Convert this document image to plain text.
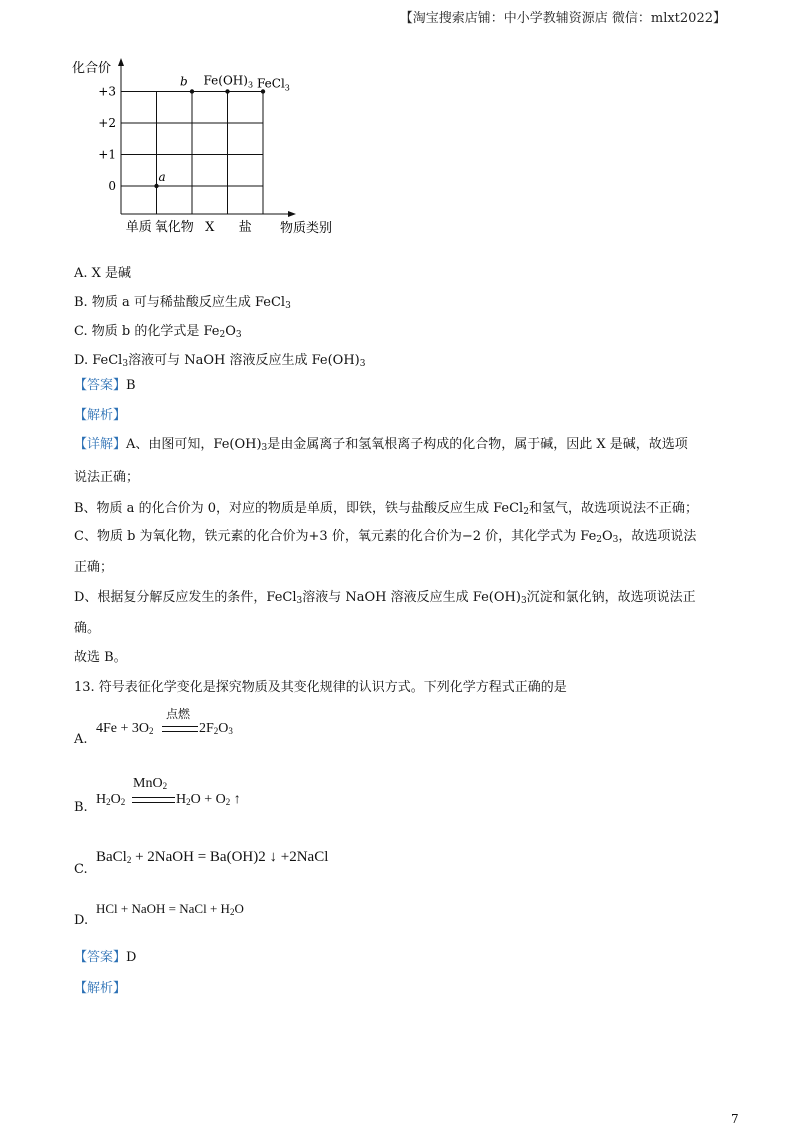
【淘宝搜索店铺：中小学教辅资源店 微信：mlxt2022】
化合价
物质类别
+3
+2
+1
0
单质 氧化物 X 盐
a
b $Fe(OH)_3$ FeCl$_3$
A. X 是碱
B. 物质 a 可与稀盐酸反应生成 FeCl$_3$
C. 物质 b 的化学式是 $Fe_2O_3$
D. FeCl$_3$溶液可与 NaOH 溶液反应生成 $Fe(OH)_3$
【答案】B
【解析】
【详解】A、由图可知，$Fe(OH)_3$是由金属离子和氢氧根离子构成的化合物，属于碱，因此 X 是碱，故选项
说法正确；
B、物质 a 的化合价为 0，对应的物质是单质，即铁，铁与盐酸反应生成 FeCl$_2$和氢气，故选项说法不正确；
C、物质 b 为氧化物，铁元素的化合价为+3 价，氧元素的化合价为−2 价，其化学式为 $Fe_2O_3$，故选项说法
正确；
D、根据复分解反应发生的条件，FeCl$_3$溶液与 NaOH 溶液反应生成 $Fe(OH)_3$沉淀和氯化钠，故选项说法正
确。
故选 B。
13. 符号表征化学变化是探究物质及其变化规律的认识方式。下列化学方程式正确的是
A.
$4Fe + 3O_2$
点燃
$2F_2O_3$
B.
$H_2O_2$
MnO$_2$
$H_2O + O_2$ ↑
C.
BaCl$_2$ + 2NaOH = Ba(OH)2 ↓ +2NaCl
D.
HCl + NaOH = NaCl + $H_2O$
【答案】D
【解析】
7
